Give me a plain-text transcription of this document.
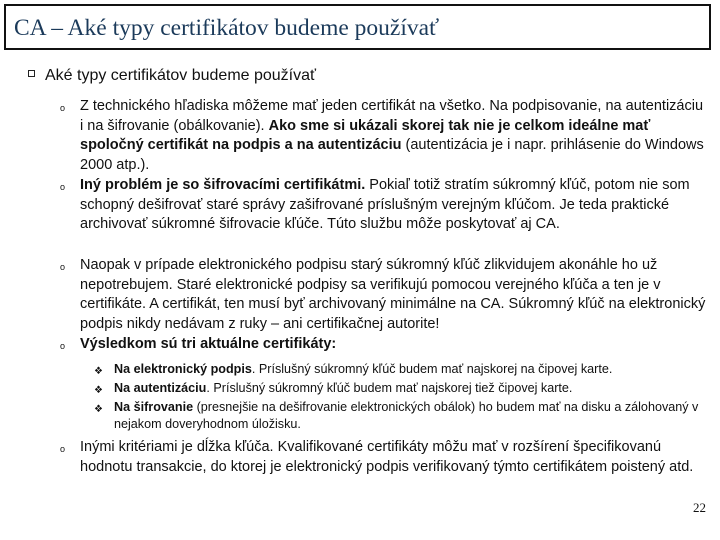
CA – Aké typy certifikátov budeme používať
Aké typy certifikátov budeme používať
o Z technického hľadiska môžeme mať jeden certifikát na všetko. Na podpisovanie, na autentizáciu i na šifrovanie (obálkovanie). Ako sme si ukázali skorej tak nie je celkom ideálne mať spoločný certifikát na podpis a na autentizáciu (autentizácia je i napr. prihlásenie do Windows 2000 atp.).
o Iný problém je so šifrovacími certifikátmi. Pokiaľ totiž stratím súkromný kľúč, potom nie som schopný dešifrovať staré správy zašifrované príslušným verejným kľúčom. Je teda praktické archivovať súkromné šifrovacie kľúče. Túto službu môže poskytovať aj CA.
o Naopak v prípade elektronického podpisu starý súkromný kľúč zlikvidujem akonáhle ho už nepotrebujem. Staré elektronické podpisy sa verifikujú pomocou verejného kľúča a ten je v certifikáte. A certifikát, ten musí byť archivovaný minimálne na CA. Súkromný kľúč na elektronický podpis nikdy nedávam z ruky – ani certifikačnej autorite!
o Výsledkom sú tri aktuálne certifikáty:
❖ Na elektronický podpis. Príslušný súkromný kľúč budem mať najskorej na čipovej karte.
❖ Na autentizáciu. Príslušný súkromný kľúč budem mať najskorej tiež čipovej karte.
❖ Na šifrovanie (presnejšie na dešifrovanie elektronických obálok) ho budem mať na disku a zálohovaný v nejakom doveryhodnom úložisku.
o Inými kritériami je dĺžka kľúča. Kvalifikované certifikáty môžu mať v rozšírení špecifikovanú hodnotu transakcie, do ktorej je elektronický podpis verifikovaný týmto certifikátem poistený atd.
22
